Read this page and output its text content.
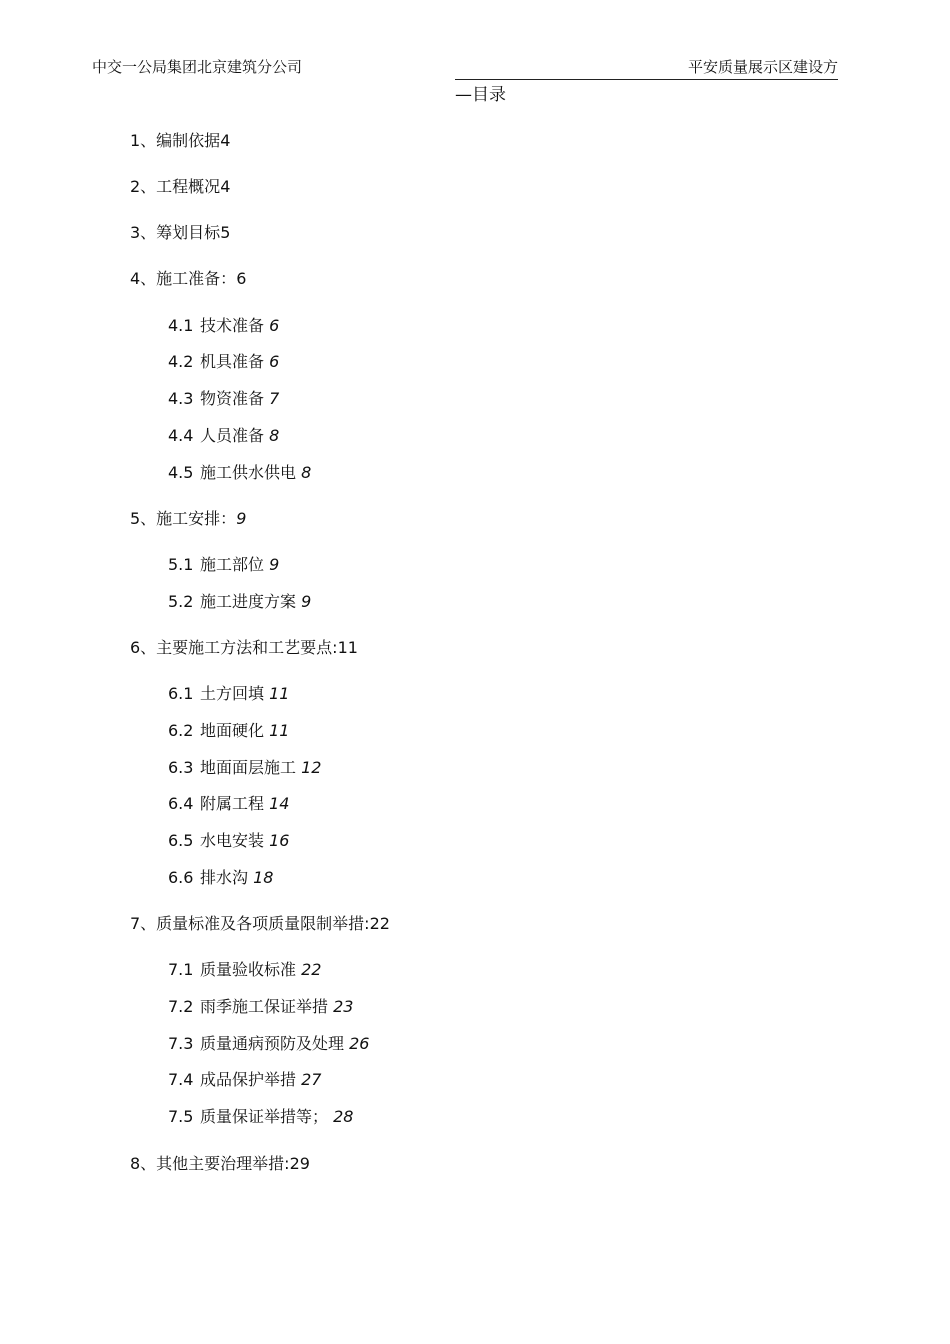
中交一公局集团北京建筑分公司	平安质量展示区建设方
—目录
1、编制依据4
2、工程概况4
3、筹划目标5
4、施工准备：6
4.1 技术准备 6
4.2 机具准备 6
4.3 物资准备 7
4.4 人员准备 8
4.5 施工供水供电 8
5、施工安排：9
5.1 施工部位 9
5.2 施工进度方案 9
6、主要施工方法和工艺要点:11
6.1 土方回填 11
6.2 地面硬化 11
6.3 地面面层施工 12
6.4 附属工程 14
6.5 水电安装 16
6.6 排水沟 18
7、质量标准及各项质量限制举措:22
7.1 质量验收标准 22
7.2 雨季施工保证举措 23
7.3 质量通病预防及处理 26
7.4 成品保护举措 27
7.5 质量保证举措等； 28
8、其他主要治理举措:29
